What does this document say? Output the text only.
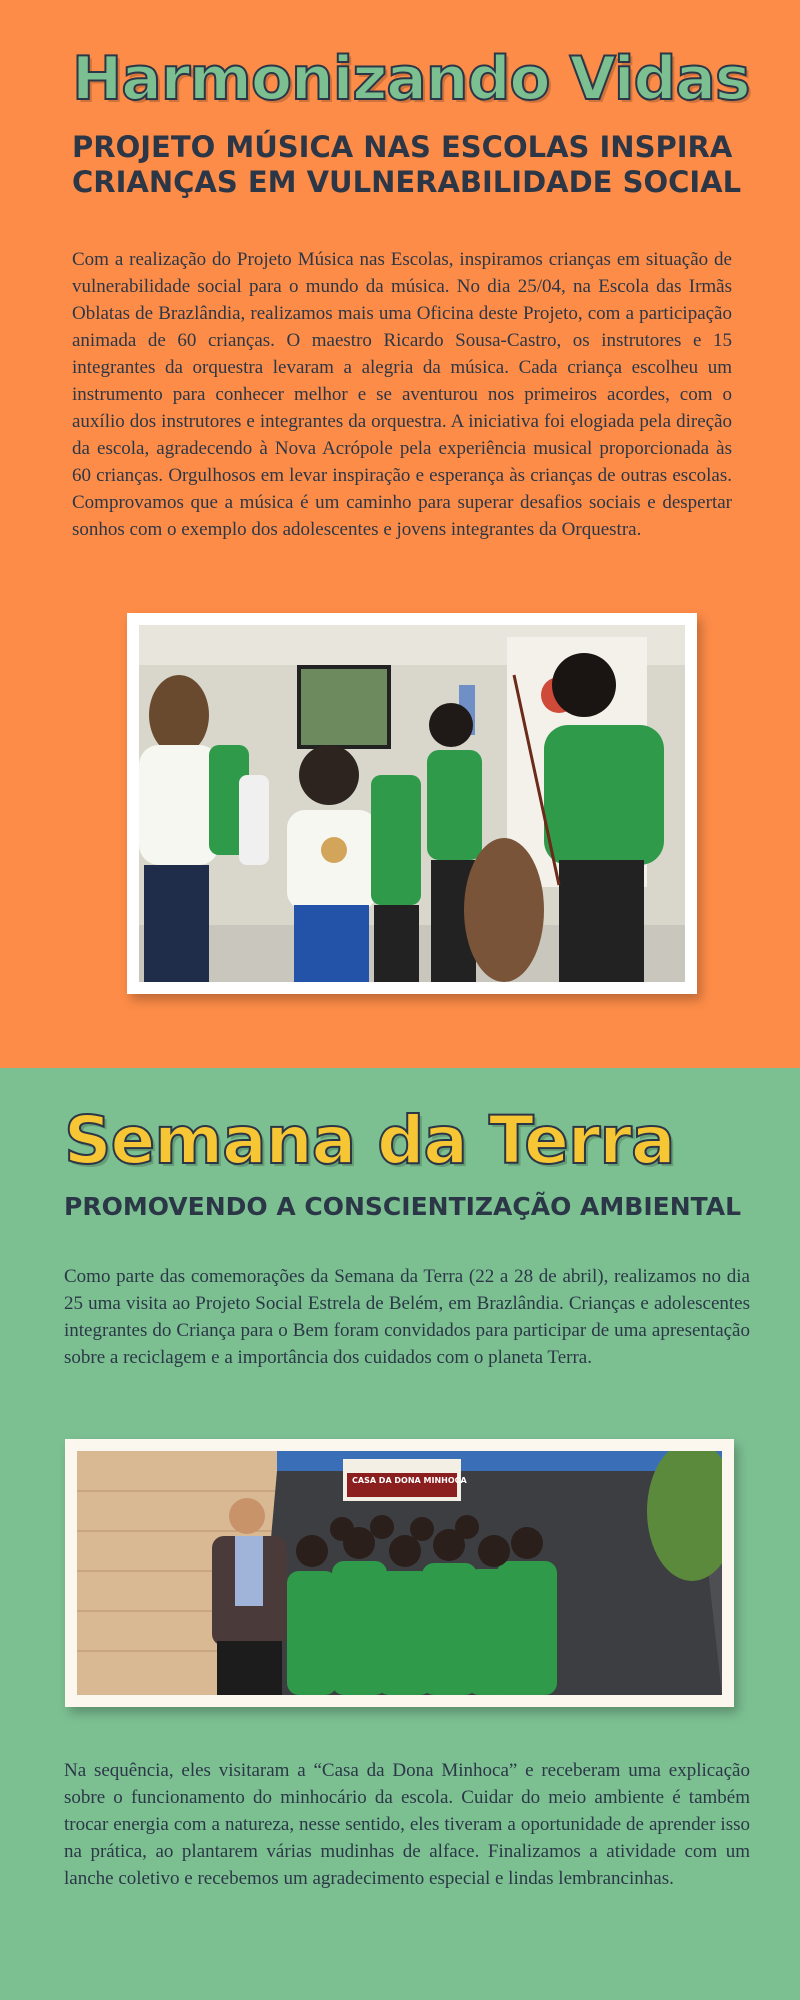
Harmonizando Vidas
PROJETO MÚSICA NAS ESCOLAS INSPIRA CRIANÇAS EM VULNERABILIDADE SOCIAL

Com a realização do Projeto Música nas Escolas, inspiramos crianças em situação de vulnerabilidade social para o mundo da música. No dia 25/04, na Escola das Irmãs Oblatas de Brazlândia, realizamos mais uma Oficina deste Projeto, com a participação animada de 60 crianças. O maestro Ricardo Sousa-Castro, os instrutores e 15 integrantes da orquestra levaram a alegria da música. Cada criança escolheu um instrumento para conhecer melhor e se aventurou nos primeiros acordes, com o auxílio dos instrutores e integrantes da orquestra. A iniciativa foi elogiada pela direção da escola, agradecendo à Nova Acrópole pela experiência musical proporcionada às 60 crianças. Orgulhosos em levar inspiração e esperança às crianças de outras escolas. Comprovamos que a música é um caminho para superar desafios sociais e despertar sonhos com o exemplo dos adolescentes e jovens integrantes da Orquestra.

Semana da Terra
PROMOVENDO A CONSCIENTIZAÇÃO AMBIENTAL

Como parte das comemorações da Semana da Terra (22 a 28 de abril), realizamos no dia 25 uma visita ao Projeto Social Estrela de Belém, em Brazlândia. Crianças e adolescentes integrantes do Criança para o Bem foram convidados para participar de uma apresentação sobre a reciclagem e a importância dos cuidados com o planeta Terra.

CASA DA DONA MINHOCA

Na sequência, eles visitaram a “Casa da Dona Minhoca” e receberam uma explicação sobre o funcionamento do minhocário da escola. Cuidar do meio ambiente é também trocar energia com a natureza, nesse sentido, eles tiveram a oportunidade de aprender isso na prática, ao plantarem várias mudinhas de alface. Finalizamos a atividade com um lanche coletivo e recebemos um agradecimento especial e lindas lembrancinhas.
